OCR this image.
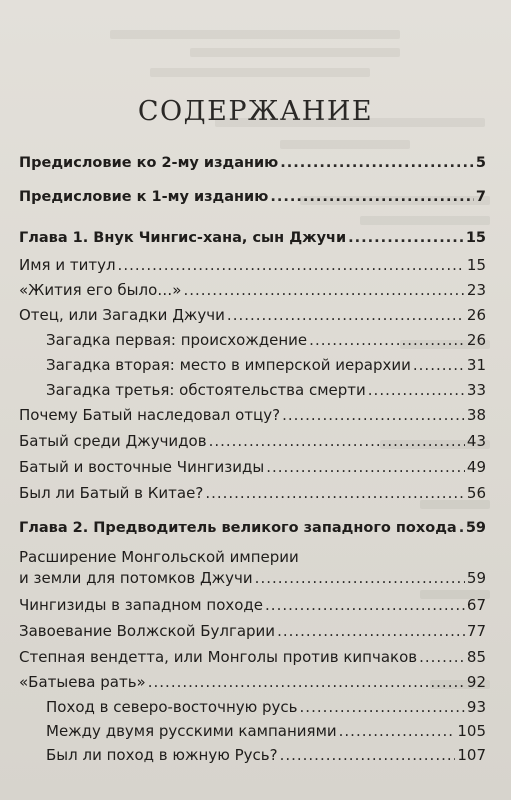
СОДЕРЖАНИЕ
Предисловие ко 2-му изданию .....	5
Предисловие к 1-му изданию .....	7
Глава 1. Внук Чингис-хана, сын Джучи .....	15
Имя и титул .....	15
«Жития его было…» .....	23
Отец, или Загадки Джучи .....	26
Загадка первая: происхождение .....	26
Загадка вторая: место в имперской иерархии .....	31
Загадка третья: обстоятельства смерти .....	33
Почему Батый наследовал отцу? .....	38
Батый среди Джучидов .....	43
Батый и восточные Чингизиды .....	49
Был ли Батый в Китае? .....	56
Глава 2. Предводитель великого западного похода ..... 59
Расширение Монгольской империи
и земли для потомков Джучи .....	59
Чингизиды в западном походе .....	67
Завоевание Волжской Булгарии .....	77
Степная вендетта, или Монголы против кипчаков .....	85
«Батыева рать» .....	92
Поход в северо-восточную русь .....	93
Между двумя русскими кампаниями .....	105
Был ли поход в южную Русь? .....	107
